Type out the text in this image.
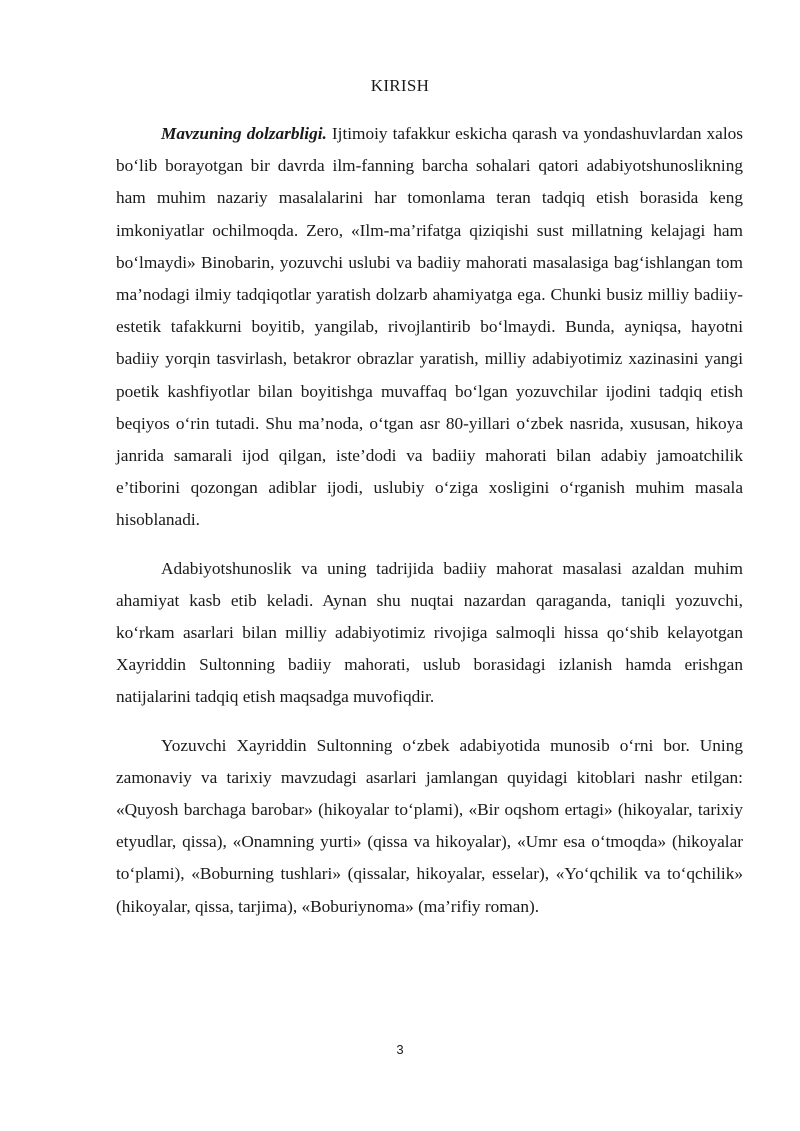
KIRISH

Mavzuning dolzarbligi. Ijtimoiy tafakkur eskicha qarash va yondashuvlardan xalos bo‘lib borayotgan bir davrda ilm-fanning barcha sohalari qatori adabiyotshunoslikning ham muhim nazariy masalalarini har tomonlama teran tadqiq etish borasida keng imkoniyatlar ochilmoqda. Zero, «Ilm-ma’rifatga qiziqishi sust millatning kelajagi ham bo‘lmaydi» Binobarin, yozuvchi uslubi va badiiy mahorati masalasiga bag‘ishlangan tom ma’nodagi ilmiy tadqiqotlar yaratish dolzarb ahamiyatga ega. Chunki busiz milliy badiiy-estetik tafakkurni boyitib, yangilab, rivojlantirib bo‘lmaydi. Bunda, ayniqsa, hayotni badiiy yorqin tasvirlash, betakror obrazlar yaratish, milliy adabiyotimiz xazinasini yangi poetik kashfiyotlar bilan boyitishga muvaffaq bo‘lgan yozuvchilar ijodini tadqiq etish beqiyos o‘rin tutadi. Shu ma’noda, o‘tgan asr 80-yillari o‘zbek nasrida, xususan, hikoya janrida samarali ijod qilgan, iste’dodi va badiiy mahorati bilan adabiy jamoatchilik e’tiborini qozongan adiblar ijodi, uslubiy o‘ziga xosligini o‘rganish muhim masala hisoblanadi.

Adabiyotshunoslik va uning tadrijida badiiy mahorat masalasi azaldan muhim ahamiyat kasb etib keladi. Aynan shu nuqtai nazardan qaraganda, taniqli yozuvchi, ko‘rkam asarlari bilan milliy adabiyotimiz rivojiga salmoqli hissa qo‘shib kelayotgan Xayriddin Sultonning badiiy mahorati, uslub borasidagi izlanish hamda erishgan natijalarini tadqiq etish maqsadga muvofiqdir.

Yozuvchi Xayriddin Sultonning o‘zbek adabiyotida munosib o‘rni bor. Uning zamonaviy va tarixiy mavzudagi asarlari jamlangan quyidagi kitoblari nashr etilgan: «Quyosh barchaga barobar» (hikoyalar to‘plami), «Bir oqshom ertagi» (hikoyalar, tarixiy etyudlar, qissa), «Onamning yurti» (qissa va hikoyalar), «Umr esa o‘tmoqda» (hikoyalar to‘plami), «Boburning tushlari» (qissalar, hikoyalar, esselar), «Yo‘qchilik va to‘qchilik» (hikoyalar, qissa, tarjima), «Boburiynoma» (ma’rifiy roman).

3
